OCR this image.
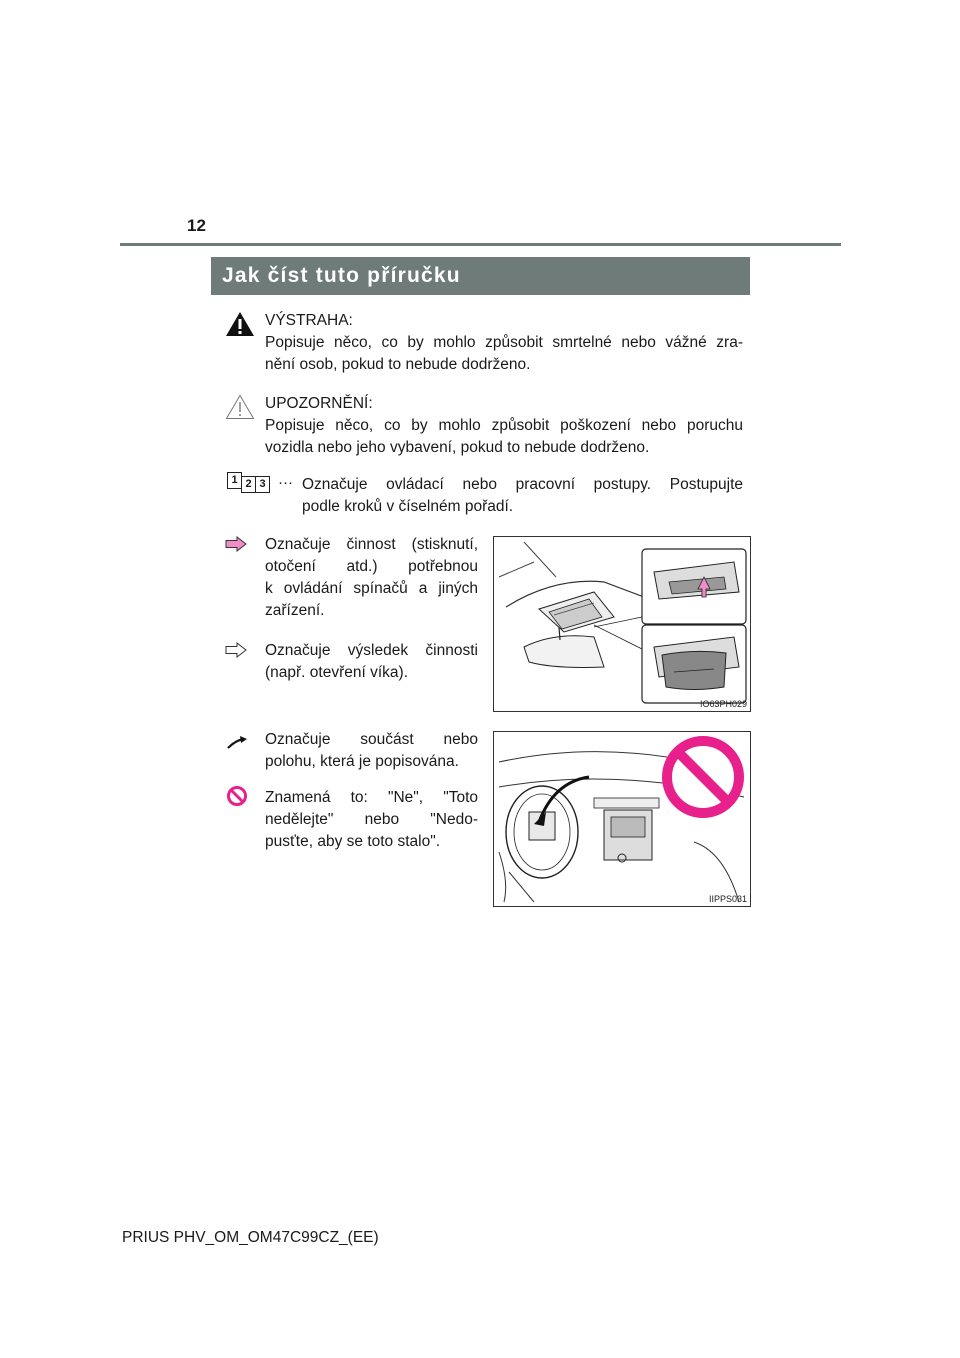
12
Jak číst tuto příručku

VÝSTRAHA:

Popisuje něco, co by mohlo způsobit smrtelné nebo vážné zra-

nění osob, pokud to nebude dodrženo.

UPOZORNĚNÍ:

Popisuje něco, co by mohlo způsobit poškození nebo poruchu

vozidla nebo jeho vybavení, pokud to nebude dodrženo.

1 2 3 ··· Označuje ovládací nebo pracovní postupy. Postupujte

podle kroků v číselném pořadí.

Označuje činnost (stisknutí,

otočení atd.) potřebnou

k ovládání spínačů a jiných

zařízení.

Označuje výsledek činnosti

(např. otevření víka).

IO63PH029

Označuje součást nebo

polohu, která je popisována.

Znamená to: "Ne", "Toto

nedělejte" nebo "Nedo-

pusťte, aby se toto stalo".

IIPPS031
PRIUS PHV_OM_OM47C99CZ_(EE)
